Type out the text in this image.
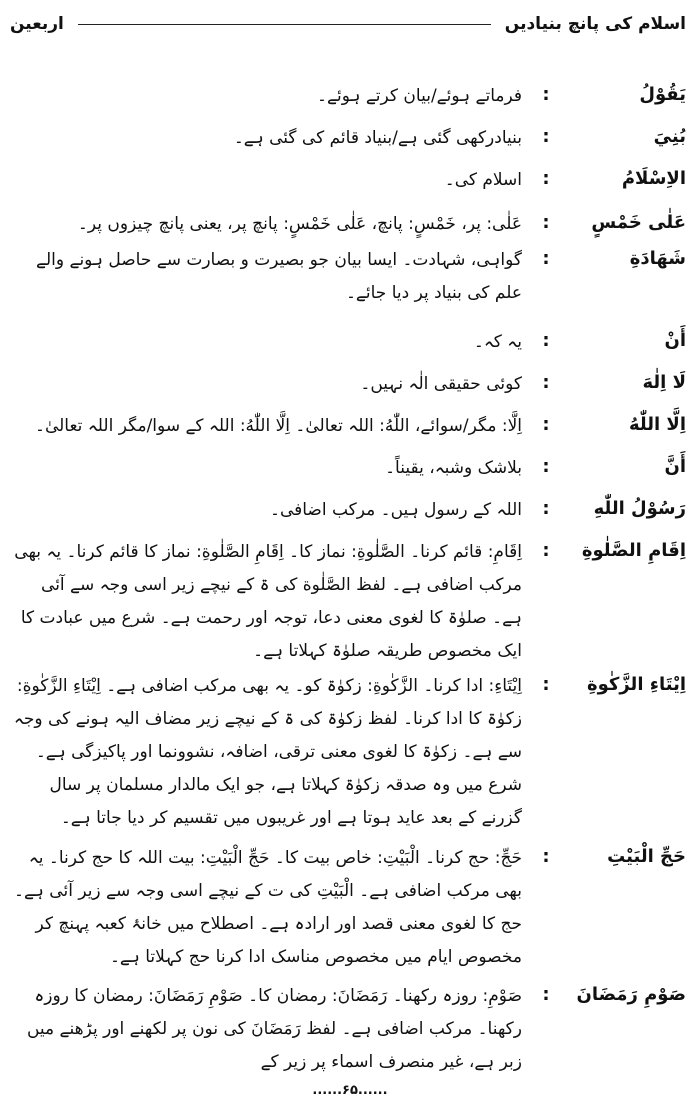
اربعین	اسلام کی پانچ بنیادیں
يَقُوْلُ
:
فرماتے ہوئے/بیان کرتے ہوئے۔
بُنِيَ
:
بنیادرکھی گئی ہے/بنیاد قائم کی گئی ہے۔
الاِسْلَامُ
:
اسلام کی۔
عَلٰى خَمْسٍ
:
عَلٰى: پر، خَمْسٍ: پانچ، عَلٰى خَمْسٍ: پانچ پر، یعنی پانچ چیزوں پر۔
شَهَادَةِ
:
گواہی، شہادت۔ ایسا بیان جو بصیرت و بصارت سے حاصل ہونے والے علم کی بنیاد پر دیا جائے۔
أَنْ
:
یہ کہ۔
لَا اِلٰهَ
:
کوئی حقیقی الٰہ نہیں۔
اِلَّا اللّٰهُ
:
اِلَّا: مگر/سوائے، اللّٰهُ: اللہ تعالیٰ۔ اِلَّا اللّٰهُ: اللہ کے سوا/مگر اللہ تعالیٰ۔
أَنَّ
:
بلاشک وشبہ، یقیناً۔
رَسُوْلُ اللّٰهِ
:
اللہ کے رسول ہیں۔ مرکب اضافی۔
اِقَامِ الصَّلٰوةِ
:
اِقَامِ: قائم کرنا۔ الصَّلٰوةِ: نماز کا۔ اِقَامِ الصَّلٰوةِ: نماز کا قائم کرنا۔ یہ بھی مرکب اضافی ہے۔ لفظ الصَّلٰوة کی ۃ کے نیچے زیر اسی وجہ سے آئی ہے۔ صلوٰۃ کا لغوی معنی دعا، توجہ اور رحمت ہے۔ شرع میں عبادت کا ایک مخصوص طریقہ صلوٰۃ کہلاتا ہے۔
اِيْتَاءِ الزَّكٰوةِ
:
اِيْتَاءِ: ادا کرنا۔ الزَّكٰوةِ: زکوٰۃ کو۔ یہ بھی مرکب اضافی ہے۔ اِيْتَاءِ الزَّكٰوةِ: زکوٰۃ کا ادا کرنا۔ لفظ زکوٰۃ کی ۃ کے نیچے زیر مضاف الیہ ہونے کی وجہ سے ہے۔ زکوٰۃ کا لغوی معنی ترقی، اضافہ، نشوونما اور پاکیزگی ہے۔ شرع میں وہ صدقہ زکوٰۃ کہلاتا ہے، جو ایک مالدار مسلمان پر سال گزرنے کے بعد عاید ہوتا ہے اور غریبوں میں تقسیم کر دیا جاتا ہے۔
حَجِّ الْبَيْتِ
:
حَجِّ: حج کرنا۔ الْبَيْتِ: خاص بیت کا۔ حَجِّ الْبَيْتِ: بیت اللہ کا حج کرنا۔ یہ بھی مرکب اضافی ہے۔ الْبَيْتِ کی ت کے نیچے اسی وجہ سے زیر آئی ہے۔ حج کا لغوی معنی قصد اور ارادہ ہے۔ اصطلاح میں خانۂ کعبہ پہنچ کر مخصوص ایام میں مخصوص مناسک ادا کرنا حج کہلاتا ہے۔
صَوْمِ رَمَضَانَ
:
صَوْمِ: روزہ رکھنا۔ رَمَضَانَ: رمضان کا۔ صَوْمِ رَمَضَانَ: رمضان کا روزہ رکھنا۔ مرکب اضافی ہے۔ لفظ رَمَضَانَ کی نون پر لکھنے اور پڑھنے میں زبر ہے، غیر منصرف اسماء پر زیر کے
......۶۵......
